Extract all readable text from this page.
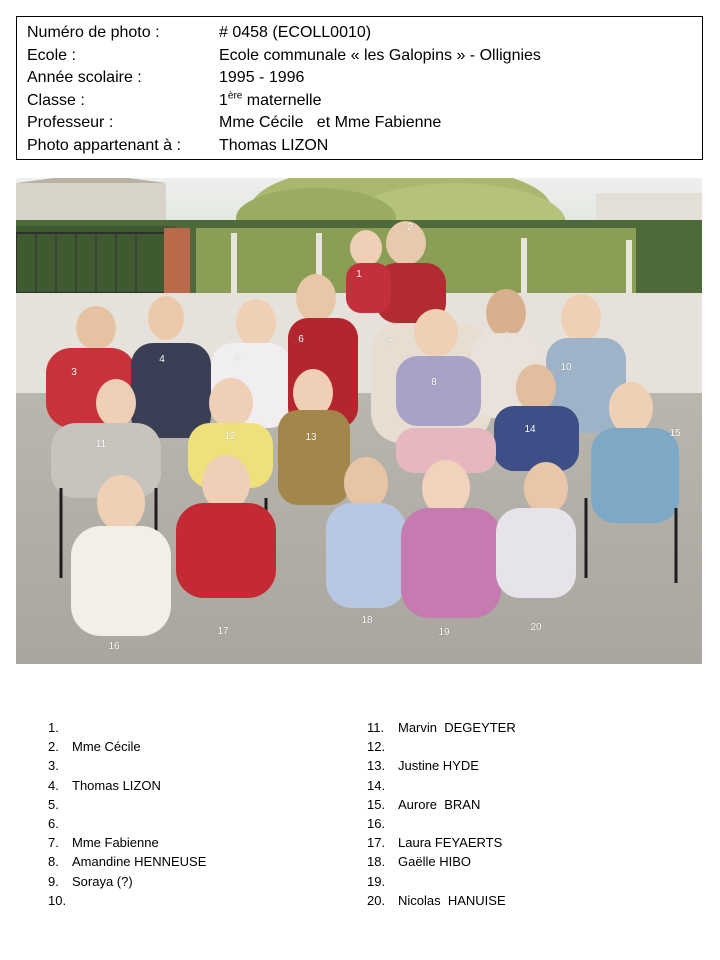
Numéro de photo :	# 0458 (ECOLL0010)
Ecole :	Ecole communale « les Galopins » - Ollignies
Année scolaire :	1995 - 1996
Classe :	1ère maternelle
Professeur :	Mme Cécile   et Mme Fabienne
Photo appartenant à :	Thomas LIZON
1
2
3
4	5
6	7
8
9
10
11
12	13
14	15
16
17
18
19	20
1.
2.	Mme Cécile
3.
4.	Thomas LIZON
5.
6.
7.	Mme Fabienne
8.	Amandine HENNEUSE
9.	Soraya (?)
10.
11.	Marvin  DEGEYTER
12.
13. Justine HYDE
14.
15. Aurore  BRAN
16.
17. Laura FEYAERTS
18. Gaëlle HIBO
19.
20. Nicolas  HANUISE
